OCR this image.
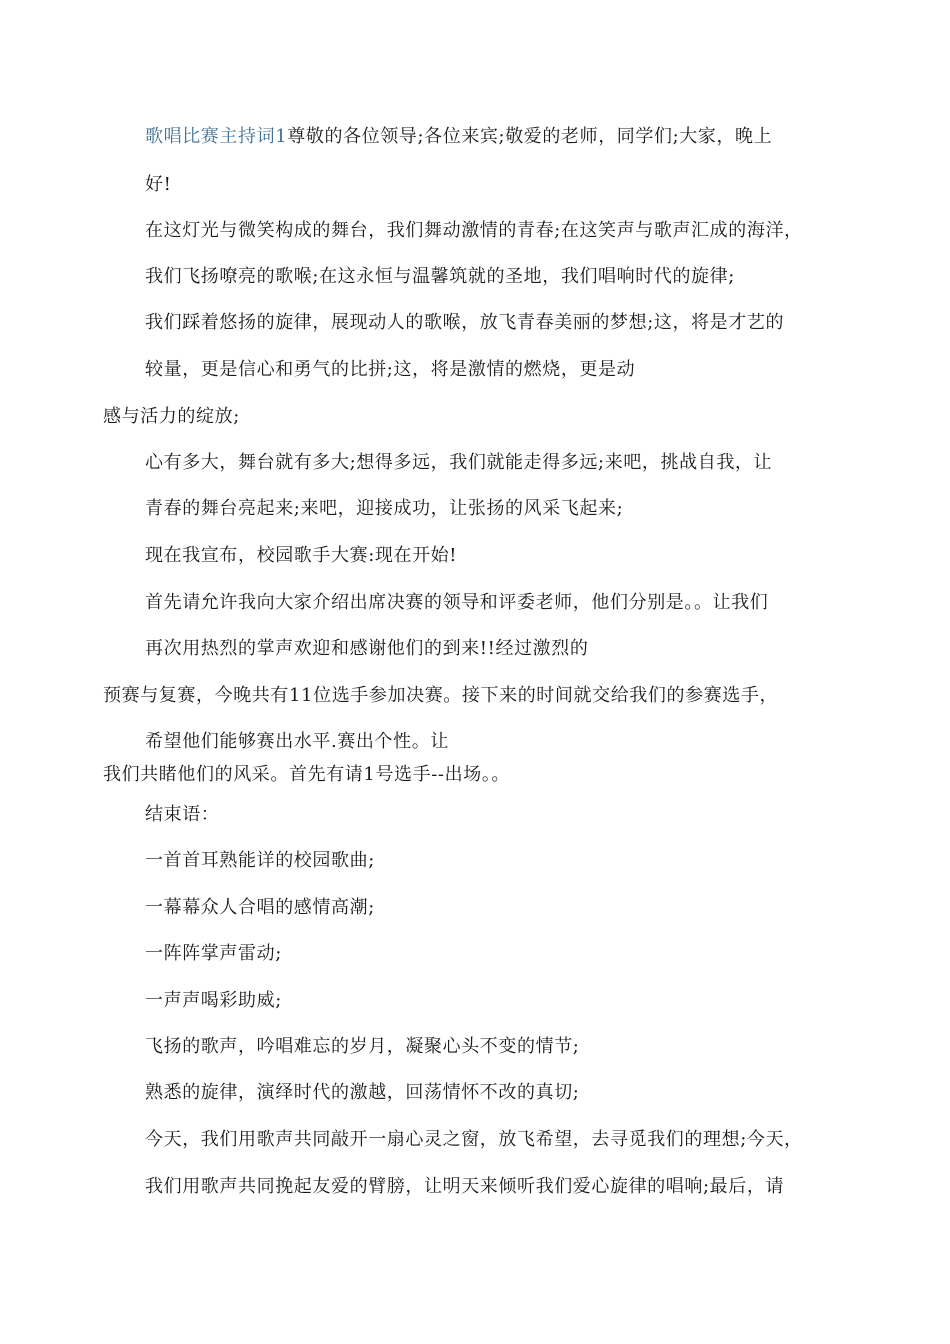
歌唱比赛主持词1尊敬的各位领导;各位来宾;敬爱的老师，同学们;大家，晚上
好!
在这灯光与微笑构成的舞台，我们舞动激情的青春;在这笑声与歌声汇成的海洋，
我们飞扬嘹亮的歌喉;在这永恒与温馨筑就的圣地，我们唱响时代的旋律;
我们踩着悠扬的旋律，展现动人的歌喉，放飞青春美丽的梦想;这，将是才艺的
较量，更是信心和勇气的比拼;这，将是激情的燃烧，更是动
感与活力的绽放;
心有多大，舞台就有多大;想得多远，我们就能走得多远;来吧，挑战自我，让
青春的舞台亮起来;来吧，迎接成功，让张扬的风采飞起来;
现在我宣布，校园歌手大赛:现在开始!
首先请允许我向大家介绍出席决赛的领导和评委老师，他们分别是。。让我们
再次用热烈的掌声欢迎和感谢他们的到来!!经过激烈的
预赛与复赛，今晚共有11位选手参加决赛。接下来的时间就交给我们的参赛选手，
希望他们能够赛出水平.赛出个性。让
我们共睹他们的风采。首先有请1号选手--出场。。
结束语：
一首首耳熟能详的校园歌曲;
一幕幕众人合唱的感情高潮;
一阵阵掌声雷动;
一声声喝彩助威;
飞扬的歌声，吟唱难忘的岁月，凝聚心头不变的情节;
熟悉的旋律，演绎时代的激越，回荡情怀不改的真切;
今天，我们用歌声共同敲开一扇心灵之窗，放飞希望，去寻觅我们的理想;今天，
我们用歌声共同挽起友爱的臂膀，让明天来倾听我们爱心旋律的唱响;最后，请
